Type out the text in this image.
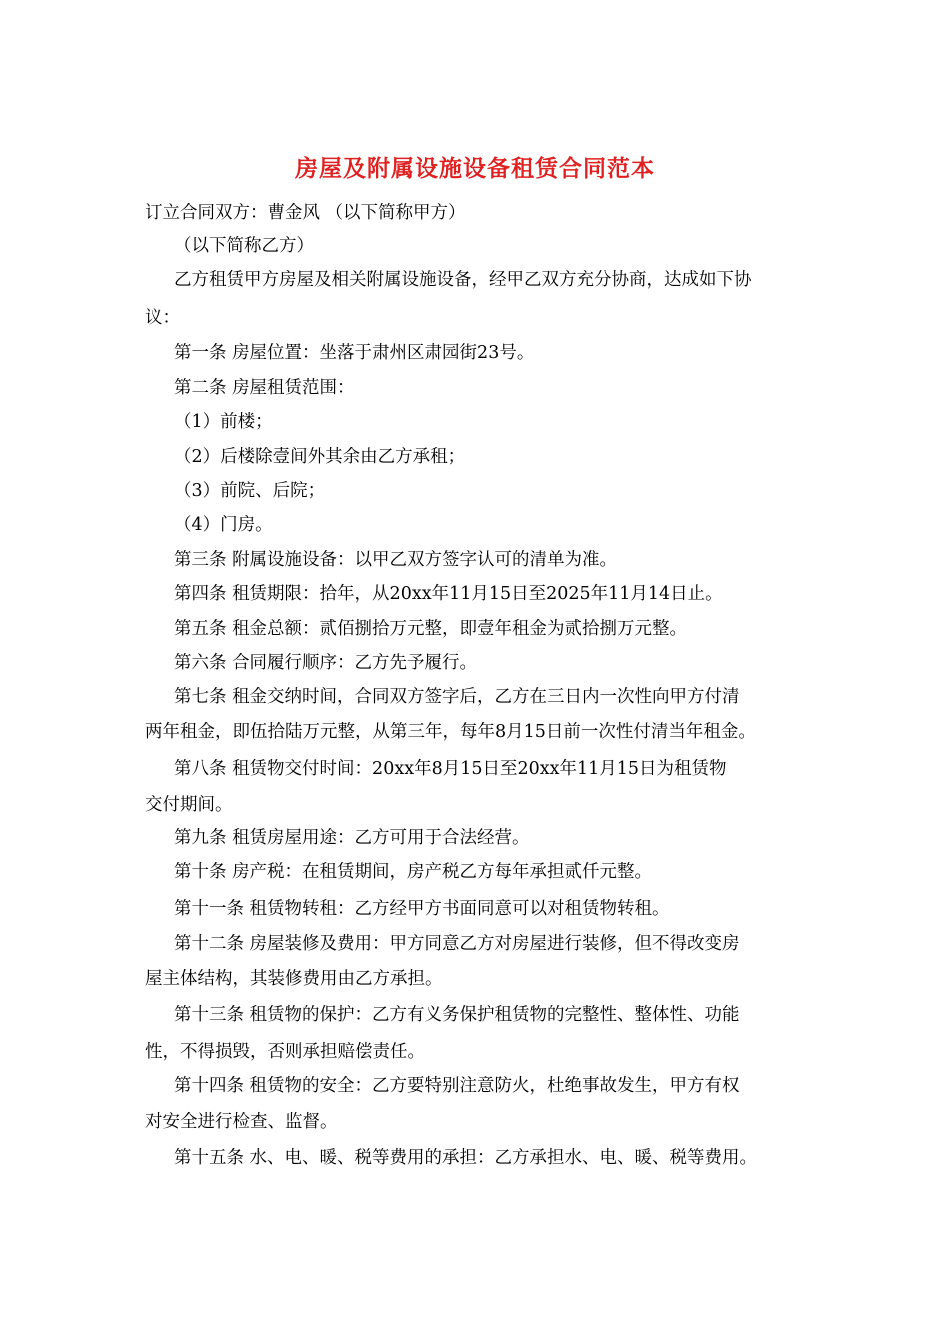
房屋及附属设施设备租赁合同范本
订立合同双方：曹金风 （以下简称甲方）
（以下简称乙方）
乙方租赁甲方房屋及相关附属设施设备，经甲乙双方充分协商，达成如下协
议：
第一条 房屋位置：坐落于肃州区肃园街23号。
第二条 房屋租赁范围：
（1）前楼；
（2）后楼除壹间外其余由乙方承租；
（3）前院、后院；
（4）门房。
第三条 附属设施设备：以甲乙双方签字认可的清单为准。
第四条 租赁期限：拾年，从20xx年11月15日至2025年11月14日止。
第五条 租金总额：贰佰捌拾万元整，即壹年租金为贰拾捌万元整。
第六条 合同履行顺序：乙方先予履行。
第七条 租金交纳时间，合同双方签字后，乙方在三日内一次性向甲方付清
两年租金，即伍拾陆万元整，从第三年，每年8月15日前一次性付清当年租金。
第八条 租赁物交付时间：20xx年8月15日至20xx年11月15日为租赁物
交付期间。
第九条 租赁房屋用途：乙方可用于合法经营。
第十条 房产税：在租赁期间，房产税乙方每年承担贰仟元整。
第十一条 租赁物转租：乙方经甲方书面同意可以对租赁物转租。
第十二条 房屋装修及费用：甲方同意乙方对房屋进行装修，但不得改变房
屋主体结构，其装修费用由乙方承担。
第十三条 租赁物的保护：乙方有义务保护租赁物的完整性、整体性、功能
性，不得损毁，否则承担赔偿责任。
第十四条 租赁物的安全：乙方要特别注意防火，杜绝事故发生，甲方有权
对安全进行检查、监督。
第十五条 水、电、暖、税等费用的承担：乙方承担水、电、暖、税等费用。
